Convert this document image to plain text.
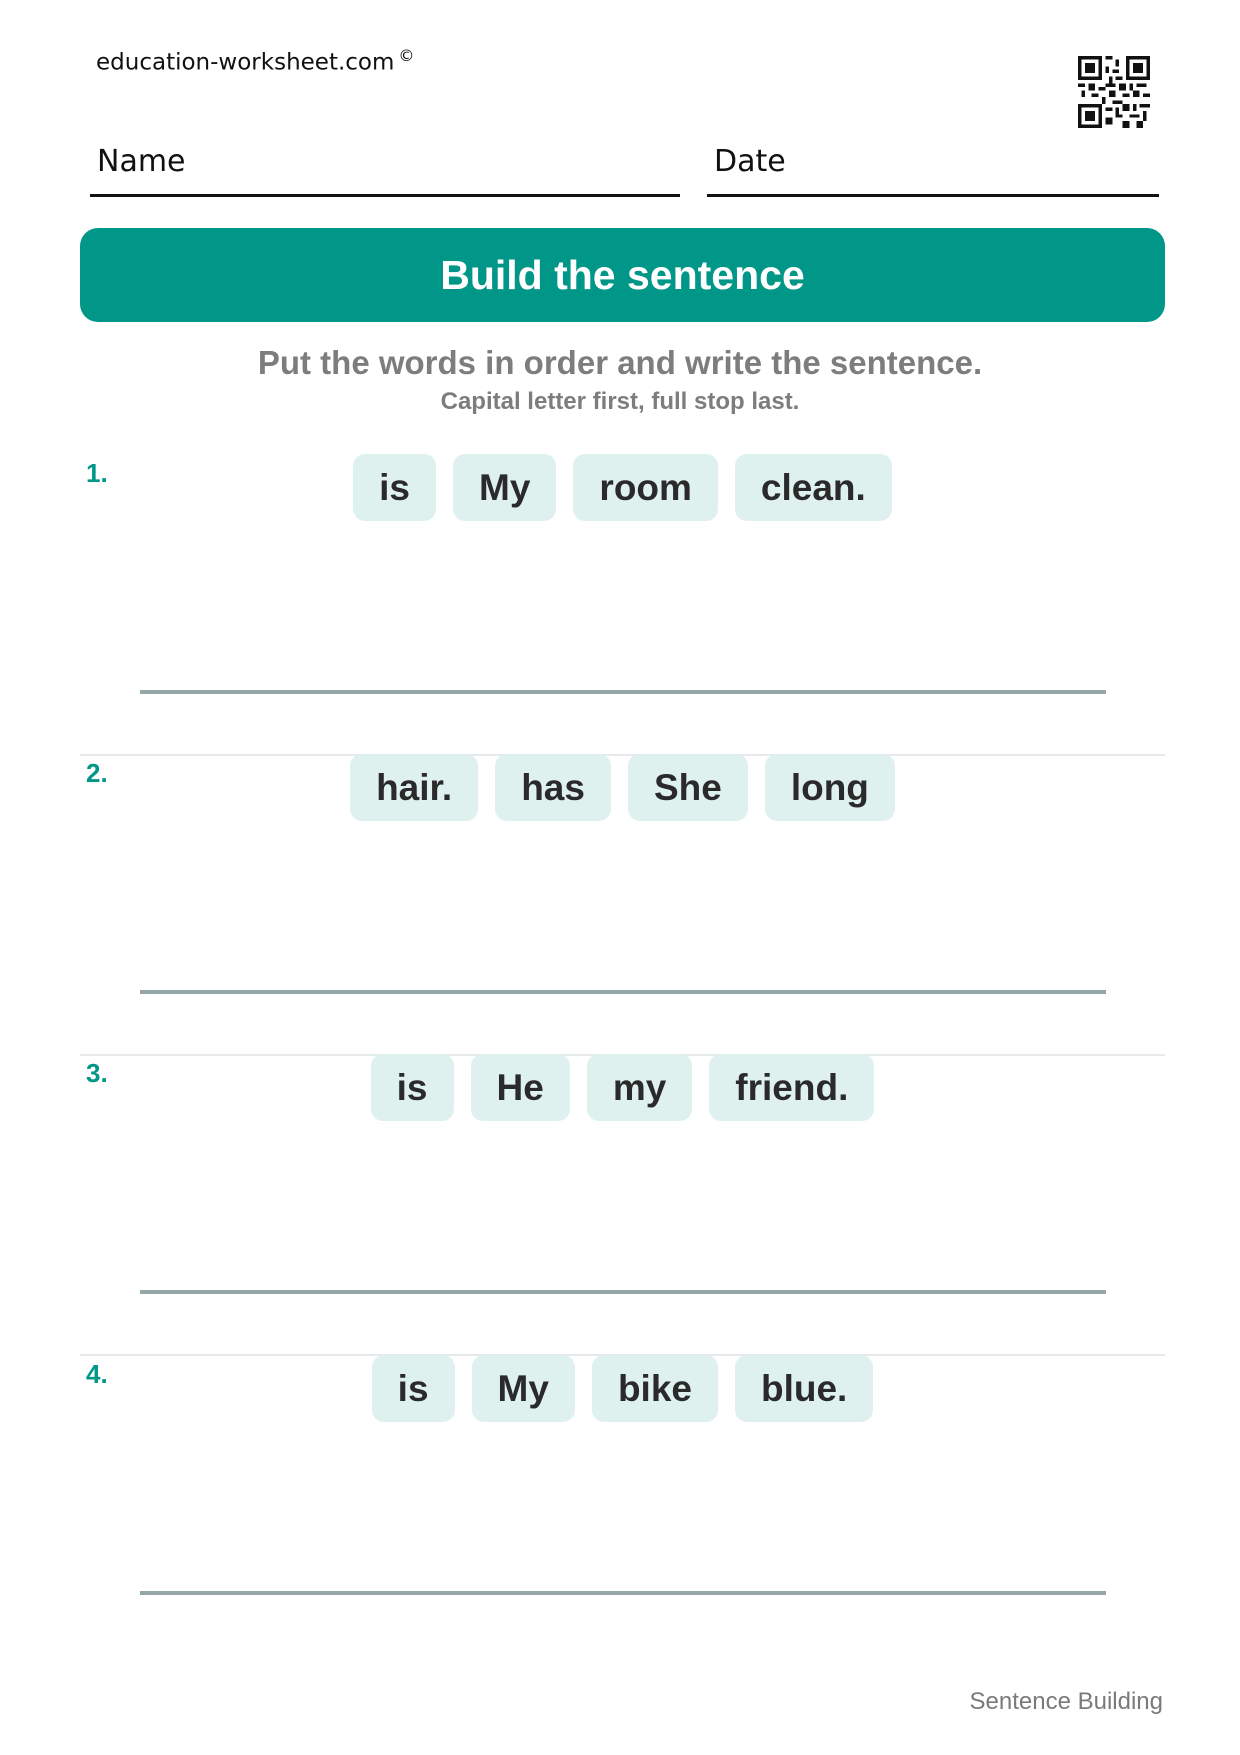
education-worksheet.com ©
Name	Date
Build the sentence
Put the words in order and write the sentence.
Capital letter first, full stop last.
1.	is	My	room	clean.
2.	hair.	has	She	long
3.	is	He	my	friend.
4.	is	My	bike	blue.
Sentence Building
